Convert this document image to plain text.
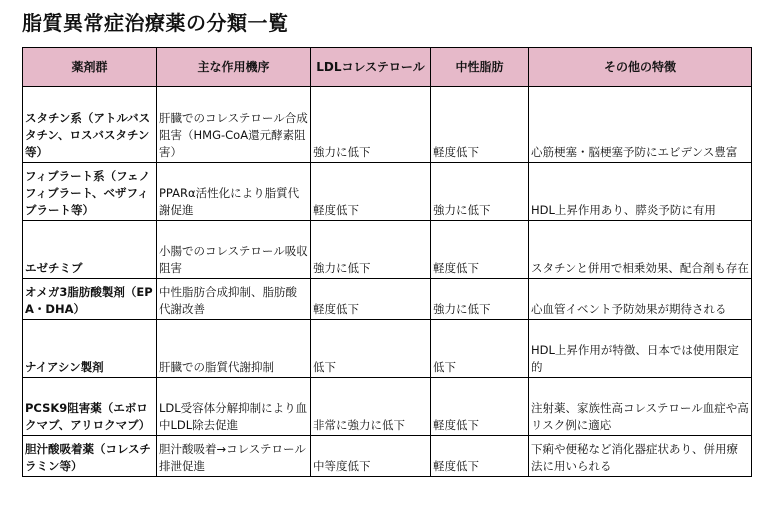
脂質異常症治療薬の分類一覧
薬剤群	主な作用機序	LDLコレステロール	中性脂肪	その他の特徴
スタチン系（アトルバスタチン、ロスバスタチン等）	肝臓でのコレステロール合成阻害（HMG-CoA還元酵素阻害）	強力に低下	軽度低下	心筋梗塞・脳梗塞予防にエビデンス豊富
フィブラート系（フェノフィブラート、ベザフィブラート等）	PPARα活性化により脂質代謝促進	軽度低下	強力に低下	HDL上昇作用あり、膵炎予防に有用
エゼチミブ	小腸でのコレステロール吸収阻害	強力に低下	軽度低下	スタチンと併用で相乗効果、配合剤も存在
オメガ3脂肪酸製剤（EPA・DHA）	中性脂肪合成抑制、脂肪酸代謝改善	軽度低下	強力に低下	心血管イベント予防効果が期待される
ナイアシン製剤	肝臓での脂質代謝抑制	低下	低下	HDL上昇作用が特徴、日本では使用限定的
PCSK9阻害薬（エボロクマブ、アリロクマブ）	LDL受容体分解抑制により血中LDL除去促進	非常に強力に低下	軽度低下	注射薬、家族性高コレステロール血症や高リスク例に適応
胆汁酸吸着薬（コレスチラミン等）	胆汁酸吸着→コレステロール排泄促進	中等度低下	軽度低下	下痢や便秘など消化器症状あり、併用療法に用いられる
